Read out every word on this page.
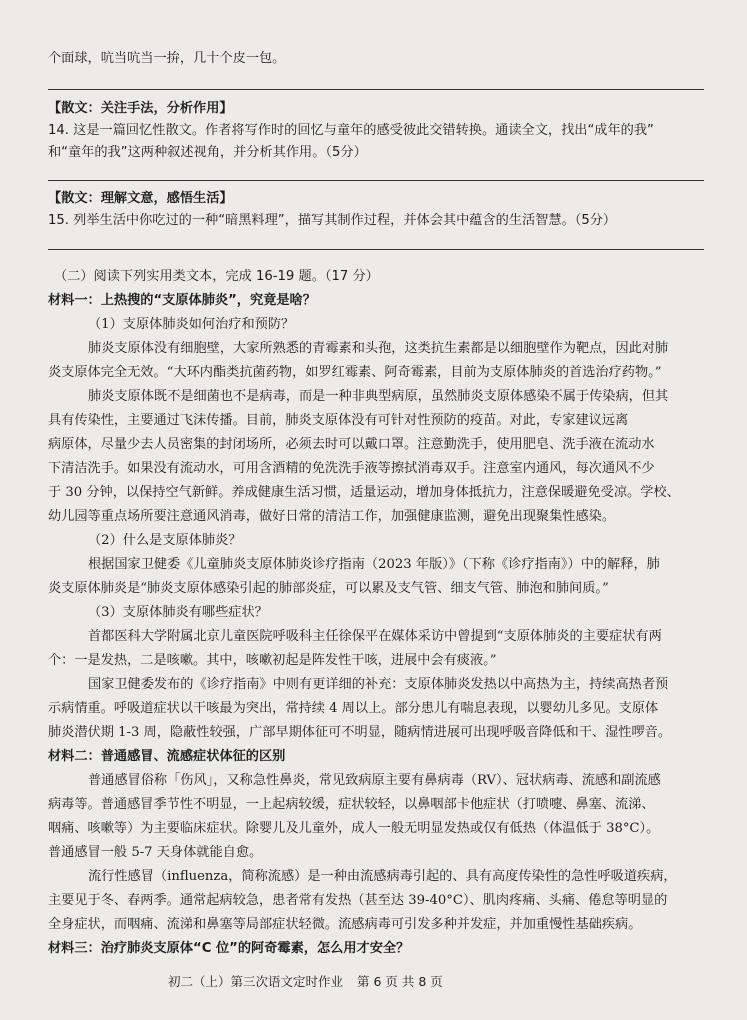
个面球，吭当吭当一拚，几十个皮一包。
【散文：关注手法，分析作用】
14. 这是一篇回忆性散文。作者将写作时的回忆与童年的感受彼此交错转换。通读全文，找出“成年的我”
和“童年的我”这两种叙述视角，并分析其作用。（5分）
【散文：理解文意，感悟生活】
15. 列举生活中你吃过的一种“暗黑料理”，描写其制作过程，并体会其中蕴含的生活智慧。（5分）
（二）阅读下列实用类文本，完成 16-19 题。（17 分）
材料一：上热搜的“支原体肺炎”，究竟是啥？
（1）支原体肺炎如何治疗和预防？
肺炎支原体没有细胞壁，大家所熟悉的青霉素和头孢，这类抗生素都是以细胞壁作为靶点，因此对肺
炎支原体完全无效。“大环内酯类抗菌药物，如罗红霉素、阿奇霉素，目前为支原体肺炎的首选治疗药物。”
肺炎支原体既不是细菌也不是病毒，而是一种非典型病原，虽然肺炎支原体感染不属于传染病，但其
具有传染性，主要通过飞沫传播。目前，肺炎支原体没有可针对性预防的疫苗。对此，专家建议远离
病原体，尽量少去人员密集的封闭场所，必须去时可以戴口罩。注意勤洗手，使用肥皂、洗手液在流动水
下清洁洗手。如果没有流动水，可用含酒精的免洗洗手液等擦拭消毒双手。注意室内通风，每次通风不少
于 30 分钟，以保持空气新鲜。养成健康生活习惯，适量运动，增加身体抵抗力，注意保暖避免受凉。学校、
幼儿园等重点场所要注意通风消毒，做好日常的清洁工作，加强健康监测，避免出现聚集性感染。
（2）什么是支原体肺炎？
根据国家卫健委《儿童肺炎支原体肺炎诊疗指南（2023 年版）》（下称《诊疗指南》）中的解释，肺
炎支原体肺炎是“肺炎支原体感染引起的肺部炎症，可以累及支气管、细支气管、肺泡和肺间质。”
（3）支原体肺炎有哪些症状？
首都医科大学附属北京儿童医院呼吸科主任徐保平在媒体采访中曾提到“支原体肺炎的主要症状有两
个：一是发热，二是咳嗽。其中，咳嗽初起是阵发性干咳，进展中会有痰液。”
国家卫健委发布的《诊疗指南》中则有更详细的补充：支原体肺炎发热以中高热为主，持续高热者预
示病情重。呼吸道症状以干咳最为突出，常持续 4 周以上。部分患儿有喘息表现，以婴幼儿多见。支原体
肺炎潜伏期 1-3 周，隐蔽性较强，广部早期体征可不明显，随病情进展可出现呼吸音降低和干、湿性啰音。
材料二：普通感冒、流感症状体征的区别
普通感冒俗称「伤风」，又称急性鼻炎，常见致病原主要有鼻病毒（RV）、冠状病毒、流感和副流感
病毒等。普通感冒季节性不明显，一上起病较缓，症状较轻，以鼻咽部卡他症状（打喷嚏、鼻塞、流涕、
咽痛、咳嗽等）为主要临床症状。除婴儿及儿童外，成人一般无明显发热或仅有低热（体温低于 38°C）。
普通感冒一般 5-7 天身体就能自愈。
流行性感冒（influenza，简称流感）是一种由流感病毒引起的、具有高度传染性的急性呼吸道疾病，
主要见于冬、春两季。通常起病较急，患者常有发热（甚至达 39-40°C）、肌肉疼痛、头痛、倦怠等明显的
全身症状，而咽痛、流涕和鼻塞等局部症状轻微。流感病毒可引发多种并发症，并加重慢性基础疾病。
材料三：治疗肺炎支原体“C 位”的阿奇霉素，怎么用才安全？
初二（上）第三次语文定时作业 第 6 页 共 8 页
